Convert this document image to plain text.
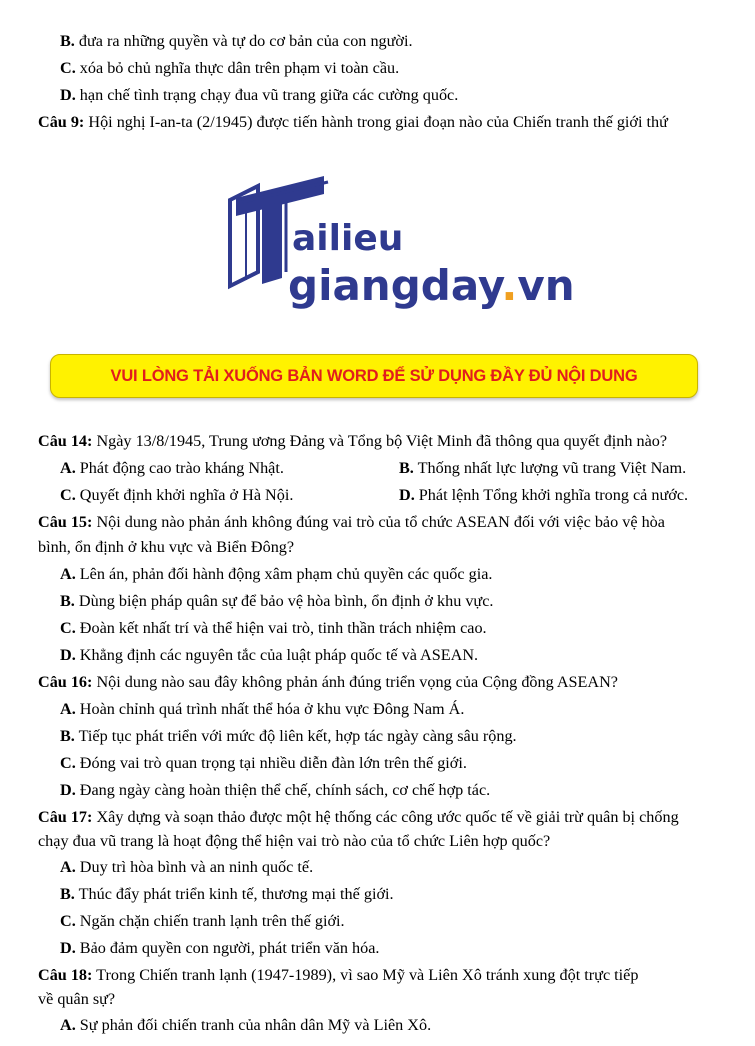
B. đưa ra những quyền và tự do cơ bản của con người.
C. xóa bỏ chủ nghĩa thực dân trên phạm vi toàn cầu.
D. hạn chế tình trạng chạy đua vũ trang giữa các cường quốc.
Câu 9: Hội nghị I-an-ta (2/1945) được tiến hành trong giai đoạn nào của Chiến tranh thế giới thứ
ailieu
giangday.vn
VUI LÒNG TẢI XUỐNG BẢN WORD ĐỂ SỬ DỤNG ĐẦY ĐỦ NỘI DUNG
Câu 14: Ngày 13/8/1945, Trung ương Đảng và Tổng bộ Việt Minh đã thông qua quyết định nào?
A. Phát động cao trào kháng Nhật.	B. Thống nhất lực lượng vũ trang Việt Nam.
C. Quyết định khởi nghĩa ở Hà Nội.	D. Phát lệnh Tổng khởi nghĩa trong cả nước.
Câu 15: Nội dung nào phản ánh không đúng vai trò của tổ chức ASEAN đối với việc bảo vệ hòa
bình, ổn định ở khu vực và Biển Đông?
A. Lên án, phản đối hành động xâm phạm chủ quyền các quốc gia.
B. Dùng biện pháp quân sự để bảo vệ hòa bình, ổn định ở khu vực.
C. Đoàn kết nhất trí và thể hiện vai trò, tinh thần trách nhiệm cao.
D. Khẳng định các nguyên tắc của luật pháp quốc tế và ASEAN.
Câu 16: Nội dung nào sau đây không phản ánh đúng triển vọng của Cộng đồng ASEAN?
A. Hoàn chỉnh quá trình nhất thể hóa ở khu vực Đông Nam Á.
B. Tiếp tục phát triển với mức độ liên kết, hợp tác ngày càng sâu rộng.
C. Đóng vai trò quan trọng tại nhiều diễn đàn lớn trên thế giới.
D. Đang ngày càng hoàn thiện thể chế, chính sách, cơ chế hợp tác.
Câu 17: Xây dựng và soạn thảo được một hệ thống các công ước quốc tế về giải trừ quân bị chống
chạy đua vũ trang là hoạt động thể hiện vai trò nào của tổ chức Liên hợp quốc?
A. Duy trì hòa bình và an ninh quốc tế.
B. Thúc đẩy phát triển kinh tế, thương mại thế giới.
C. Ngăn chặn chiến tranh lạnh trên thế giới.
D. Bảo đảm quyền con người, phát triển văn hóa.
Câu 18: Trong Chiến tranh lạnh (1947-1989), vì sao Mỹ và Liên Xô tránh xung đột trực tiếp
về quân sự?
A. Sự phản đối chiến tranh của nhân dân Mỹ và Liên Xô.
